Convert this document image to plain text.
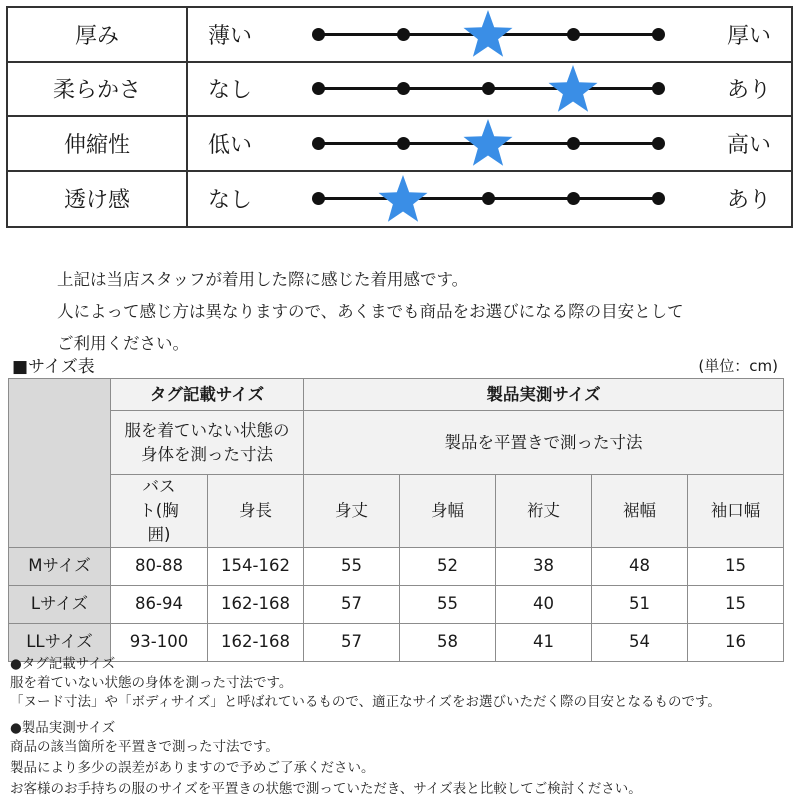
厚み	薄い	厚い
柔らかさ	なし	あり
伸縮性	低い	高い
透け感	なし	あり
上記は当店スタッフが着用した際に感じた着用感です。
人によって感じ方は異なりますので、あくまでも商品をお選びになる際の目安として
ご利用ください。
■サイズ表	(単位：cm)
	タグ記載サイズ		製品実測サイズ				
	服を着ていない状態の身体を測った寸法		製品を平置きで測った寸法				
	バスト(胸囲)	身長	身丈	身幅	裄丈	裾幅	袖口幅
Mサイズ	80-88	154-162	55	52	38	48	15
Lサイズ	86-94	162-168	57	55	40	51	15
LLサイズ	93-100	162-168	57	58	41	54	16
●タグ記載サイズ
服を着ていない状態の身体を測った寸法です。
「ヌード寸法」や「ボディサイズ」と呼ばれているもので、適正なサイズをお選びいただく際の目安となるものです。
●製品実測サイズ
商品の該当箇所を平置きで測った寸法です。
製品により多少の誤差がありますので予めご了承ください。
お客様のお手持ちの服のサイズを平置きの状態で測っていただき、サイズ表と比較してご検討ください。
